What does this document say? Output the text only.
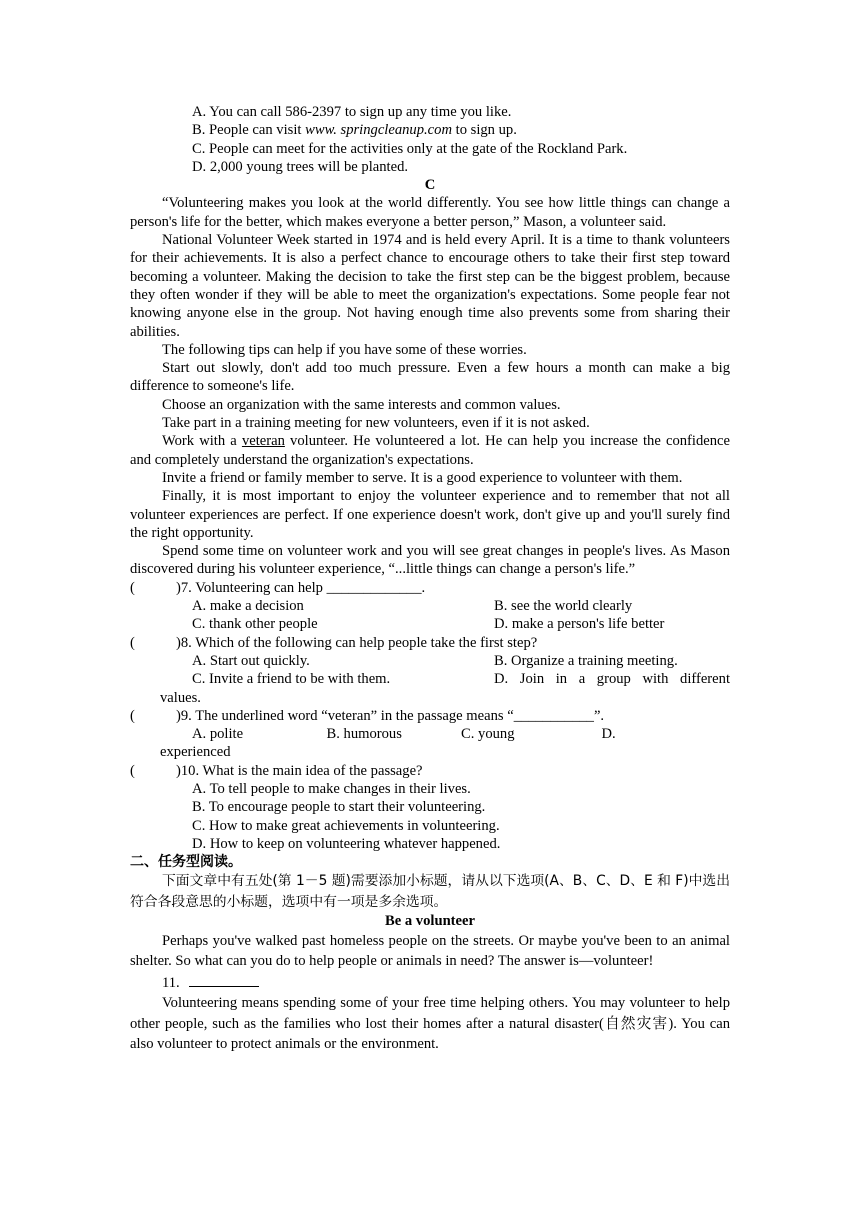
A. You can call 586-2397 to sign up any time you like.
B. People can visit www. springcleanup.com to sign up.
C. People can meet for the activities only at the gate of the Rockland Park.
D. 2,000 young trees will be planted.
C
“Volunteering makes you look at the world differently. You see how little things can change a person's life for the better, which makes everyone a better person,” Mason, a volunteer said.
National Volunteer Week started in 1974 and is held every April. It is a time to thank volunteers for their achievements. It is also a perfect chance to encourage others to take their first step toward becoming a volunteer. Making the decision to take the first step can be the biggest problem, because they often wonder if they will be able to meet the organization's expectations. Some people fear not knowing anyone else in the group. Not having enough time also prevents some from sharing their abilities.
The following tips can help if you have some of these worries.
Start out slowly, don't add too much pressure. Even a few hours a month can make a big difference to someone's life.
Choose an organization with the same interests and common values.
Take part in a training meeting for new volunteers, even if it is not asked.
Work with a veteran volunteer. He volunteered a lot. He can help you increase the confidence and completely understand the organization's expectations.
Invite a friend or family member to serve. It is a good experience to volunteer with them.
Finally, it is most important to enjoy the volunteer experience and to remember that not all volunteer experiences are perfect. If one experience doesn't work, don't give up and you'll surely find the right opportunity.
Spend some time on volunteer work and you will see great changes in people's lives. As Mason discovered during his volunteer experience, “...little things can change a person's life.”
(	)7. Volunteering can help _____________.
A. make a decision	B. see the world clearly
C. thank other people	D. make a person's life better
(	)8. Which of the following can help people take the first step?
A. Start out quickly.	B. Organize a training meeting.
C. Invite a friend to be with them.	D. Join in a group with different
values.
(	)9. The underlined word “veteran” in the passage means “___________”.
A. polite	B. humorous	C. young	D.
experienced
(	)10. What is the main idea of the passage?
A. To tell people to make changes in their lives.
B. To encourage people to start their volunteering.
C. How to make great achievements in volunteering.
D. How to keep on volunteering whatever happened.
二、任务型阅读。
下面文章中有五处(第 1－5 题)需要添加小标题，请从以下选项(A、B、C、D、E 和 F)中选出符合各段意思的小标题，选项中有一项是多余选项。
Be a volunteer
Perhaps you've walked past homeless people on the streets. Or maybe you've been to an animal shelter. So what can you do to help people or animals in need? The answer is—volunteer!
11.
Volunteering means spending some of your free time helping others. You may volunteer to help other people, such as the families who lost their homes after a natural disaster(自然灾害). You can also volunteer to protect animals or the environment.
